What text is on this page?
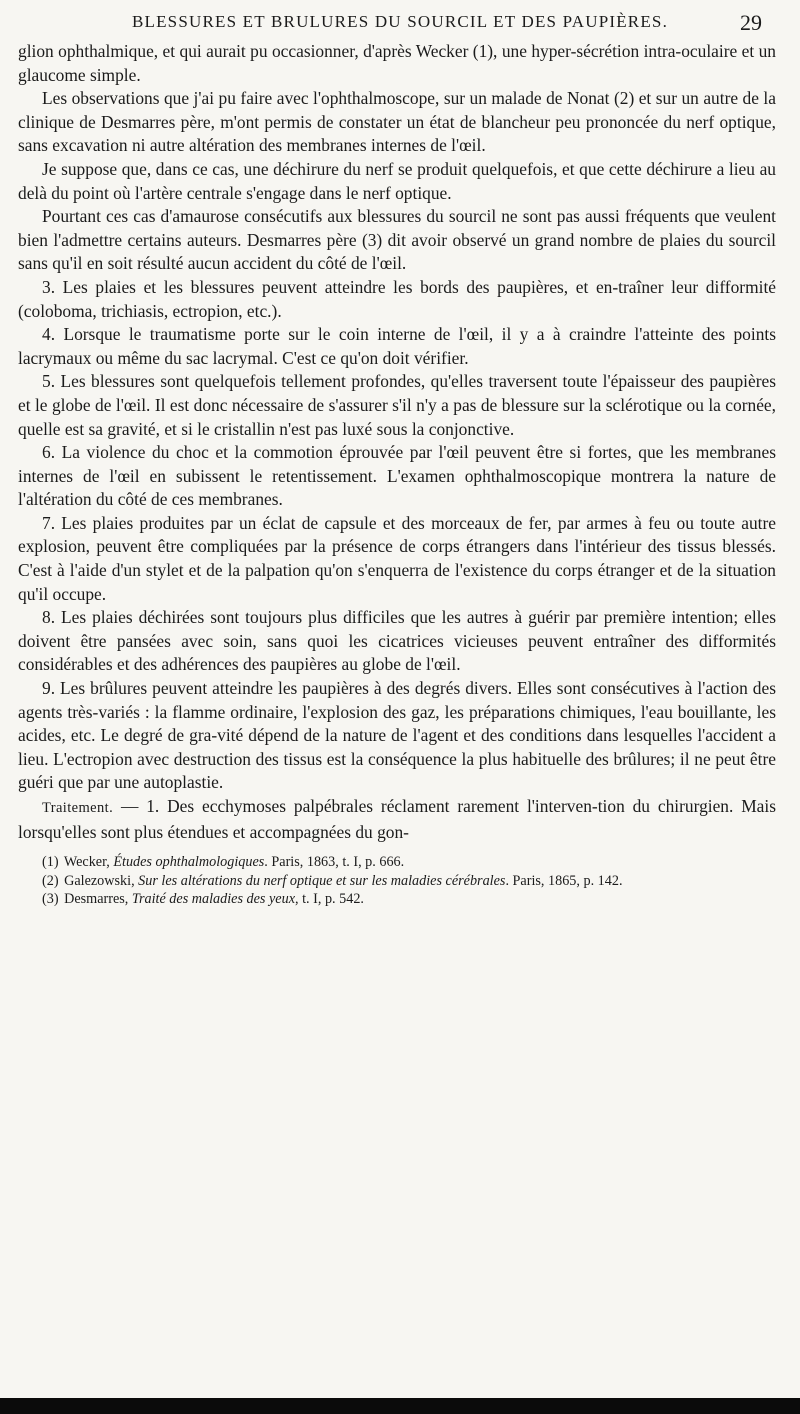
BLESSURES ET BRULURES DU SOURCIL ET DES PAUPIÈRES.	29

glion ophthalmique, et qui aurait pu occasionner, d'après Wecker (1), une hyper-sécrétion intra-oculaire et un glaucome simple.

Les observations que j'ai pu faire avec l'ophthalmoscope, sur un malade de Nonat (2) et sur un autre de la clinique de Desmarres père, m'ont permis de constater un état de blancheur peu prononcée du nerf optique, sans excavation ni autre altération des membranes internes de l'œil.

Je suppose que, dans ce cas, une déchirure du nerf se produit quelquefois, et que cette déchirure a lieu au delà du point où l'artère centrale s'engage dans le nerf optique.

Pourtant ces cas d'amaurose consécutifs aux blessures du sourcil ne sont pas aussi fréquents que veulent bien l'admettre certains auteurs. Desmarres père (3) dit avoir observé un grand nombre de plaies du sourcil sans qu'il en soit résulté aucun accident du côté de l'œil.

3. Les plaies et les blessures peuvent atteindre les bords des paupières, et en-traîner leur difformité (coloboma, trichiasis, ectropion, etc.).

4. Lorsque le traumatisme porte sur le coin interne de l'œil, il y a à craindre l'atteinte des points lacrymaux ou même du sac lacrymal. C'est ce qu'on doit vérifier.

5. Les blessures sont quelquefois tellement profondes, qu'elles traversent toute l'épaisseur des paupières et le globe de l'œil. Il est donc nécessaire de s'assurer s'il n'y a pas de blessure sur la sclérotique ou la cornée, quelle est sa gravité, et si le cristallin n'est pas luxé sous la conjonctive.

6. La violence du choc et la commotion éprouvée par l'œil peuvent être si fortes, que les membranes internes de l'œil en subissent le retentissement. L'examen ophthalmoscopique montrera la nature de l'altération du côté de ces membranes.

7. Les plaies produites par un éclat de capsule et des morceaux de fer, par armes à feu ou toute autre explosion, peuvent être compliquées par la présence de corps étrangers dans l'intérieur des tissus blessés. C'est à l'aide d'un stylet et de la palpation qu'on s'enquerra de l'existence du corps étranger et de la situation qu'il occupe.

8. Les plaies déchirées sont toujours plus difficiles que les autres à guérir par première intention; elles doivent être pansées avec soin, sans quoi les cicatrices vicieuses peuvent entraîner des difformités considérables et des adhérences des paupières au globe de l'œil.

9. Les brûlures peuvent atteindre les paupières à des degrés divers. Elles sont consécutives à l'action des agents très-variés : la flamme ordinaire, l'explosion des gaz, les préparations chimiques, l'eau bouillante, les acides, etc. Le degré de gra-vité dépend de la nature de l'agent et des conditions dans lesquelles l'accident a lieu. L'ectropion avec destruction des tissus est la conséquence la plus habituelle des brûlures; il ne peut être guéri que par une autoplastie.

Traitement. — 1. Des ecchymoses palpébrales réclament rarement l'interven-tion du chirurgien. Mais lorsqu'elles sont plus étendues et accompagnées du gon-

(1) Wecker, Études ophthalmologiques. Paris, 1863, t. I, p. 666.

(2) Galezowski, Sur les altérations du nerf optique et sur les maladies cérébrales. Paris, 1865, p. 142.

(3) Desmarres, Traité des maladies des yeux, t. I, p. 542.
